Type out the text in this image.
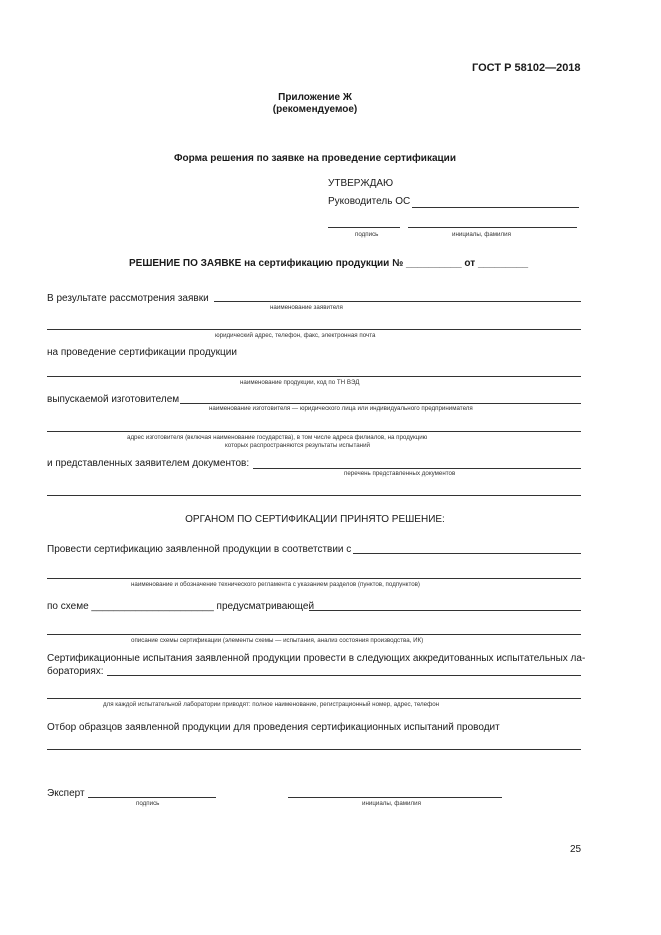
ГОСТ Р 58102—2018
Приложение Ж
(рекомендуемое)
Форма решения по заявке на проведение сертификации
УТВЕРЖДАЮ
Руководитель ОС
подпись	инициалы, фамилия
РЕШЕНИЕ ПО ЗАЯВКЕ на сертификацию продукции № __________ от _________
В результате рассмотрения заявки
наименование заявителя
юридический адрес, телефон, факс, электронная почта
на проведение сертификации продукции
наименование продукции, код по ТН ВЭД
выпускаемой изготовителем
наименование изготовителя — юридического лица или индивидуального предпринимателя
адрес изготовителя (включая наименование государства), в том числе адреса филиалов, на продукцию
которых распространяются результаты испытаний
и представленных заявителем документов:
перечень представленных документов
ОРГАНОМ ПО СЕРТИФИКАЦИИ ПРИНЯТО РЕШЕНИЕ:
Провести сертификацию заявленной продукции в соответствии с
наименование и обозначение технического регламента с указанием разделов (пунктов, подпунктов)
по схеме ______________________ предусматривающей
описание схемы сертификации (элементы схемы — испытания, анализ состояния производства, ИК)
Сертификационные испытания заявленной продукции провести в следующих аккредитованных испытательных ла-
бораториях:
для каждой испытательной лаборатории приводят: полное наименование, регистрационный номер, адрес, телефон
Отбор образцов заявленной продукции для проведения сертификационных испытаний проводит
Эксперт
подпись	инициалы, фамилия
25
